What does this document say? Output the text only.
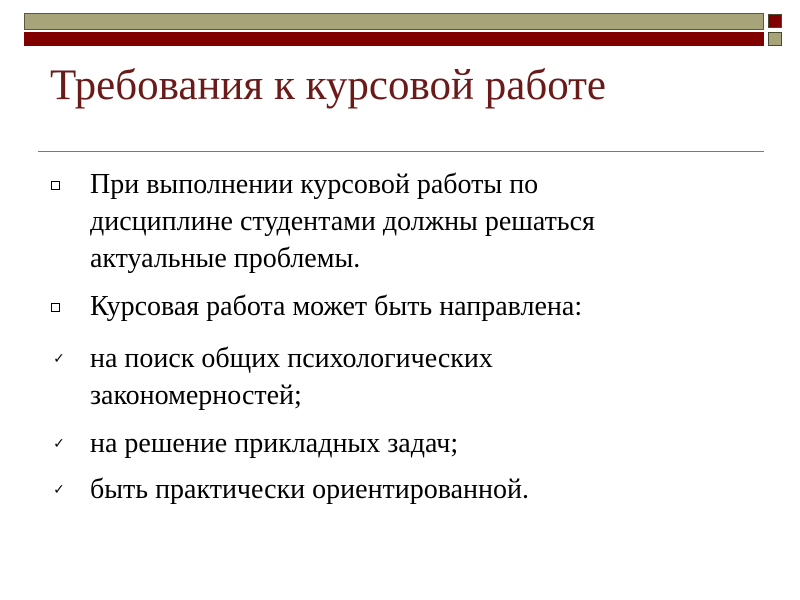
Требования к курсовой работе
При выполнении курсовой работы по
дисциплине студентами должны решаться
актуальные проблемы.
Курсовая работа может быть направлена:
✓ на поиск общих психологических
закономерностей;
✓ на решение прикладных задач;
✓ быть практически ориентированной.
